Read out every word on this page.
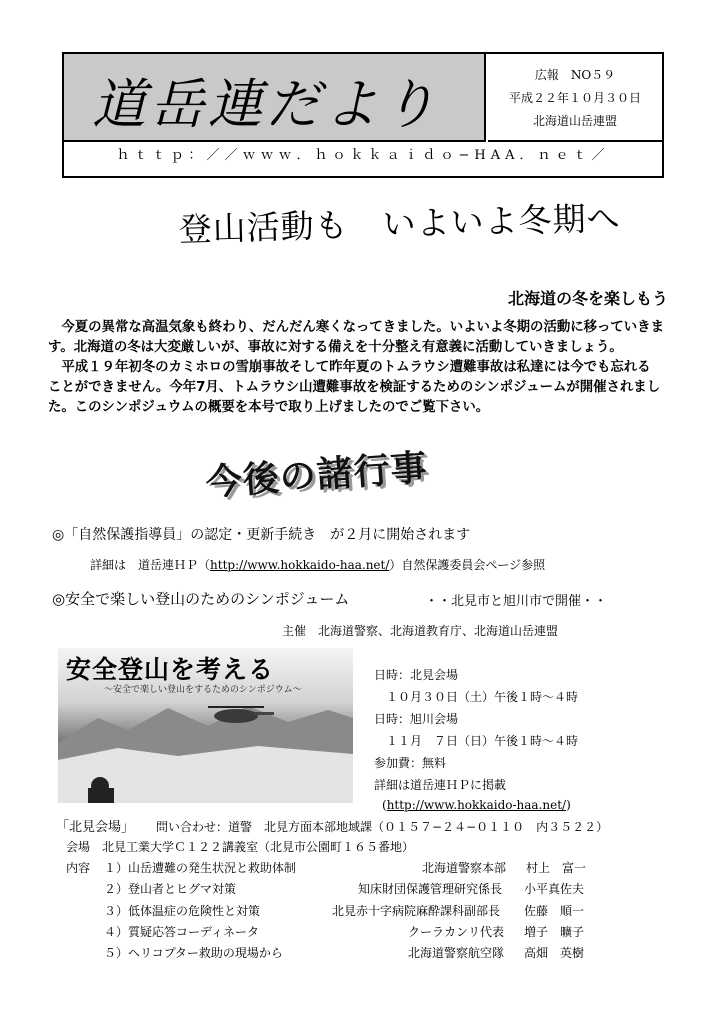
道岳連だより	広報　NO５９
平成２２年１０月３０日
北海道山岳連盟
ｈｔｔｐ：／／ｗｗｗ．ｈｏｋｋａｉｄｏ−HAA．ｎｅｔ／
登山活動も　いよいよ冬期へ
北海道の冬を楽しもう
　今夏の異常な高温気象も終わり、だんだん寒くなってきました。いよいよ冬期の活動に移っていきま
す。北海道の冬は大変厳しいが、事故に対する備えを十分整え有意義に活動していきましょう。
　平成１９年初冬のカミホロの雪崩事故そして昨年夏のトムラウシ遭難事故は私達には今でも忘れる
ことができません。今年7月、トムラウシ山遭難事故を検証するためのシンポジュームが開催されまし
た。このシンポジュウムの概要を本号で取り上げましたのでご覧下さい。
今後の諸行事
◎「自然保護指導員」の認定・更新手続き　が２月に開始されます
詳細は　道岳連ＨＰ（http://www.hokkaido-haa.net/）自然保護委員会ページ参照
◎安全で楽しい登山のためのシンポジューム	・・北見市と旭川市で開催・・
主催　北海道警察、北海道教育庁、北海道山岳連盟
安全登山を考える
〜安全で楽しい登山をするためのシンポジウム〜
日時：北見会場
　１０月３０日（土）午後１時〜４時
日時：旭川会場
　１１月　７日（日）午後１時〜４時
参加費：無料
詳細は道岳連ＨＰに掲載
(http://www.hokkaido-haa.net/)
「北見会場」 問い合わせ：道警　北見方面本部地域課（０１５７−２４−０１１０　内３５２２）
会場　北見工業大学Ｃ１２２講義室（北見市公園町１６５番地）
内容 １）山岳遭難の発生状況と救助体制	北海道警察本部 村上　富一
２）登山者とヒグマ対策	知床財団保護管理研究係長 小平真佐夫
３）低体温症の危険性と対策	北見赤十字病院麻酔課科副部長 佐藤　順一
４）質疑応答コーディネータ	クーラカンリ代表 増子　曠子
５）ヘリコプター救助の現場から	北海道警察航空隊 高畑　英樹
